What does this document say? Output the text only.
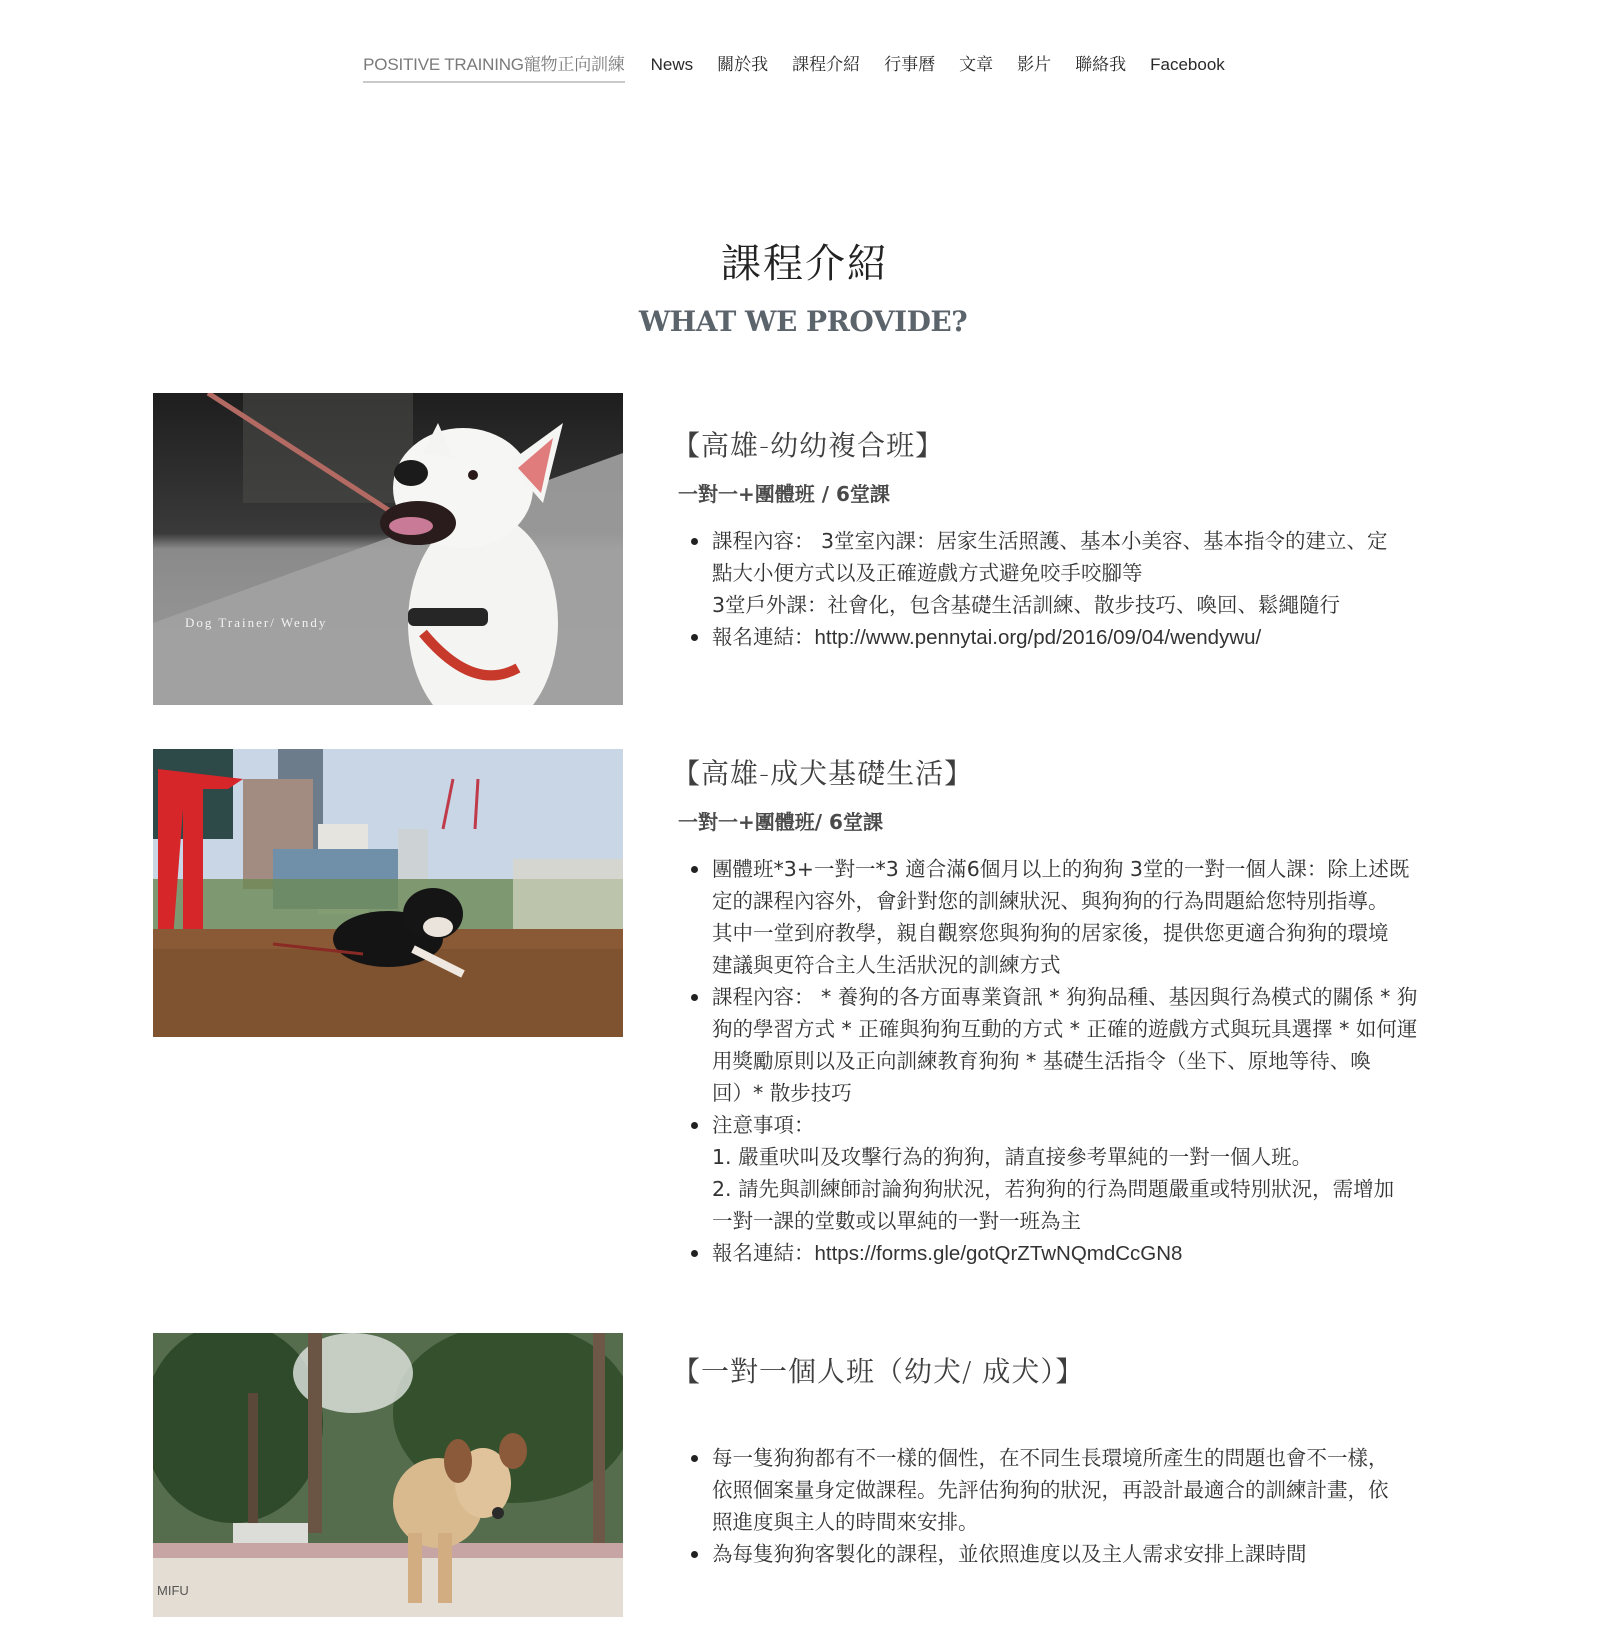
POSITIVE TRAINING寵物正向訓練	News	關於我	課程介紹	行事曆	文章	影片	聯絡我	Facebook
課程介紹
WHAT WE PROVIDE?
Dog Trainer/ Wendy
【高雄-幼幼複合班】
一對一+團體班 / 6堂課
課程內容： 3堂室內課：居家生活照護、基本小美容、基本指令的建立、定
點大小便方式以及正確遊戲方式避免咬手咬腳等
3堂戶外課：社會化，包含基礎生活訓練、散步技巧、喚回、鬆繩隨行
報名連結：http://www.pennytai.org/pd/2016/09/04/wendywu/
【高雄-成犬基礎生活】
一對一+團體班/ 6堂課
團體班*3+一對一*3 適合滿6個月以上的狗狗 3堂的一對一個人課：除上述既
定的課程內容外，會針對您的訓練狀況、與狗狗的行為問題給您特別指導。
其中一堂到府教學，親自觀察您與狗狗的居家後，提供您更適合狗狗的環境
建議與更符合主人生活狀況的訓練方式
課程內容： * 養狗的各方面專業資訊 * 狗狗品種、基因與行為模式的關係 * 狗
狗的學習方式 * 正確與狗狗互動的方式 * 正確的遊戲方式與玩具選擇 * 如何運
用獎勵原則以及正向訓練教育狗狗 * 基礎生活指令（坐下、原地等待、喚
回）* 散步技巧
注意事項：
1. 嚴重吠叫及攻擊行為的狗狗，請直接參考單純的一對一個人班。
2. 請先與訓練師討論狗狗狀況，若狗狗的行為問題嚴重或特別狀況，需增加
一對一課的堂數或以單純的一對一班為主
報名連結：https://forms.gle/gotQrZTwNQmdCcGN8
MIFU
【一對一個人班（幼犬/ 成犬）】
每一隻狗狗都有不一樣的個性，在不同生長環境所產生的問題也會不一樣，
依照個案量身定做課程。先評估狗狗的狀況，再設計最適合的訓練計畫，依
照進度與主人的時間來安排。
為每隻狗狗客製化的課程，並依照進度以及主人需求安排上課時間
